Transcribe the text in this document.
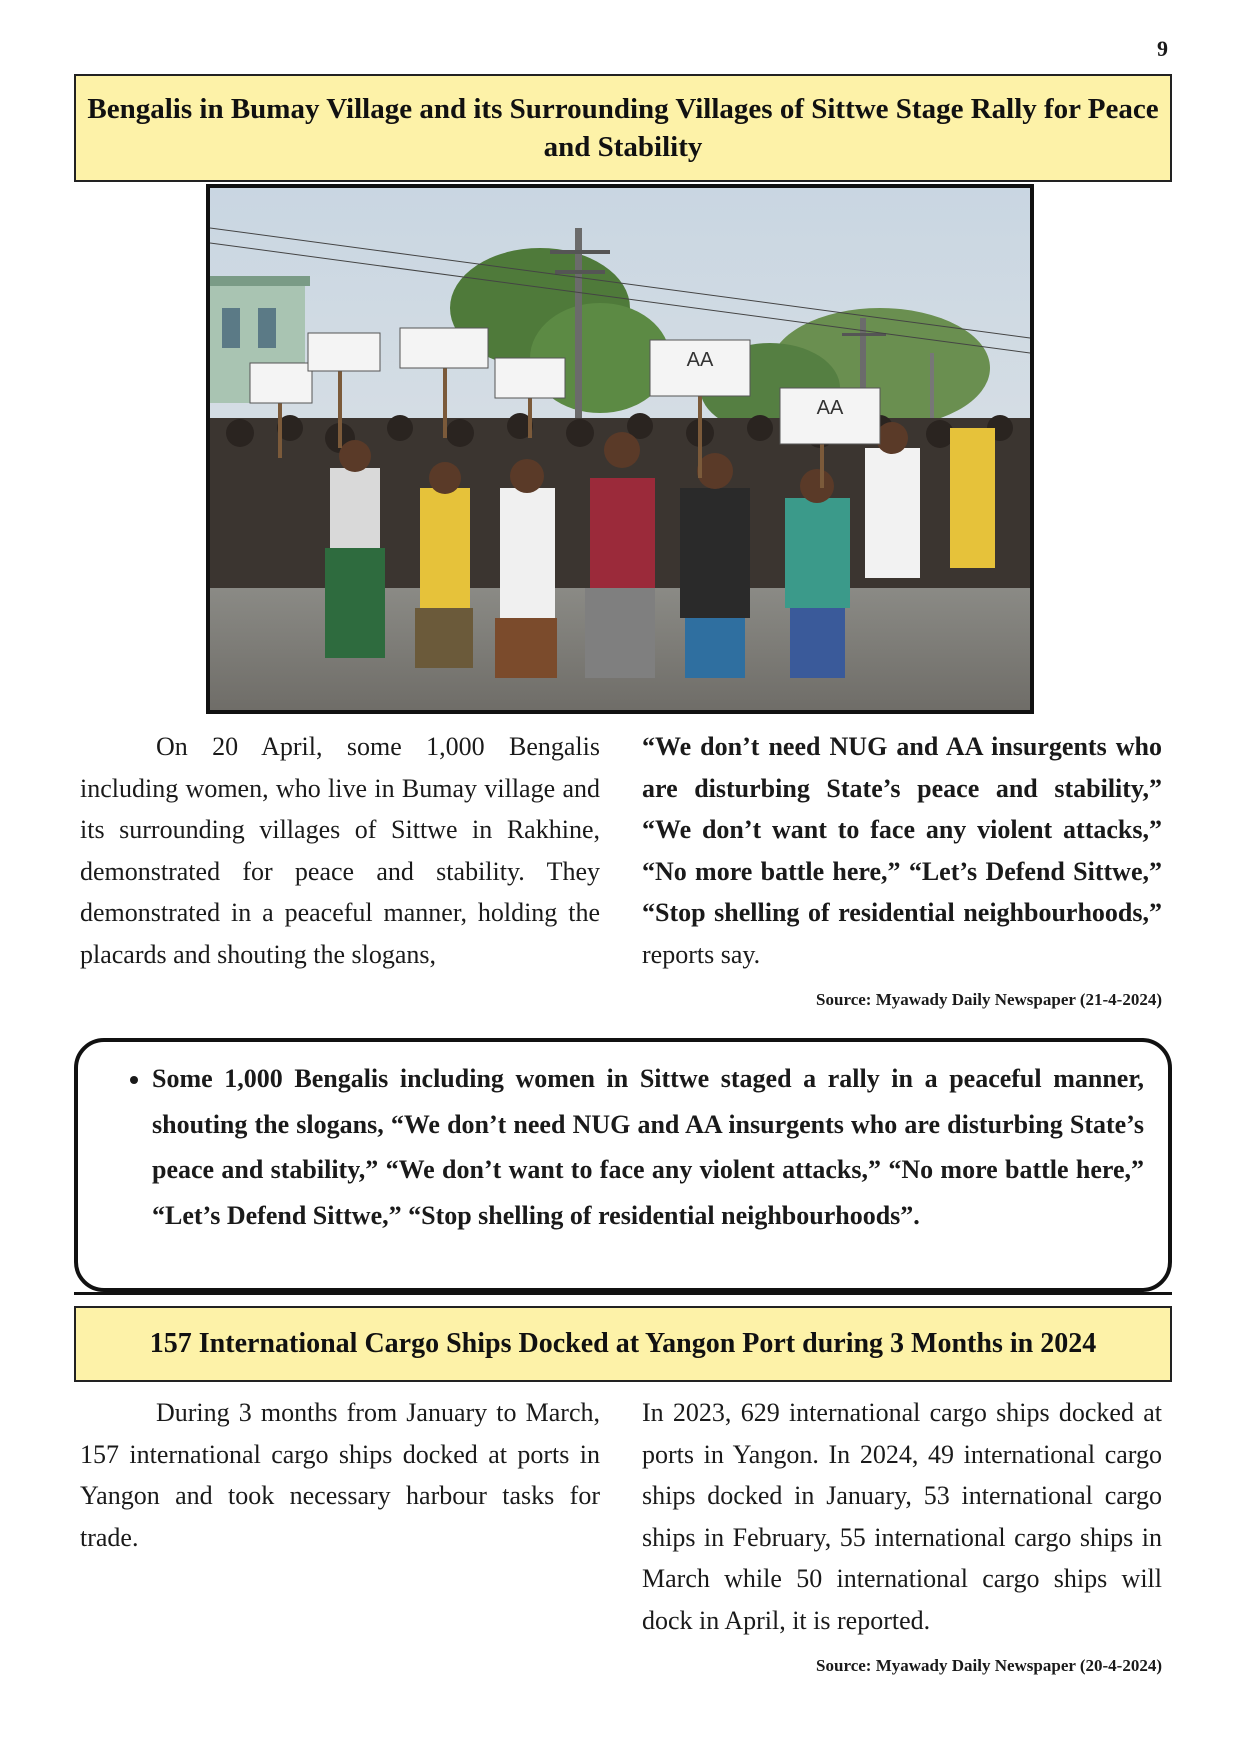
9
Bengalis in Bumay Village and its Surrounding Villages of Sittwe Stage Rally for Peace and Stability
AA
AA

On 20 April, some 1,000 Bengalis including women, who live in Bumay village and its surrounding villages of Sittwe in Rakhine, demonstrated for peace and stability. They demonstrated in a peaceful manner, holding the placards and shouting the slogans,

“We don’t need NUG and AA insurgents who are disturbing State’s peace and stability,” “We don’t want to face any violent attacks,” “No more battle here,” “Let’s Defend Sittwe,” “Stop shelling of residential neighbourhoods,” reports say.

Source: Myawady Daily Newspaper (21-4-2024)
• Some 1,000 Bengalis including women in Sittwe staged a rally in a peaceful manner, shouting the slogans, “We don’t need NUG and AA insurgents who are disturbing State’s peace and stability,” “We don’t want to face any violent attacks,” “No more battle here,” “Let’s Defend Sittwe,” “Stop shelling of residential neighbourhoods”.
157 International Cargo Ships Docked at Yangon Port during 3 Months in 2024

During 3 months from January to March, 157 international cargo ships docked at ports in Yangon and took necessary harbour tasks for trade.

In 2023, 629 international cargo ships docked at ports in Yangon. In 2024, 49 international cargo ships docked in January, 53 international cargo ships in February, 55 international cargo ships in March while 50 international cargo ships will dock in April, it is reported.

Source: Myawady Daily Newspaper (20-4-2024)
